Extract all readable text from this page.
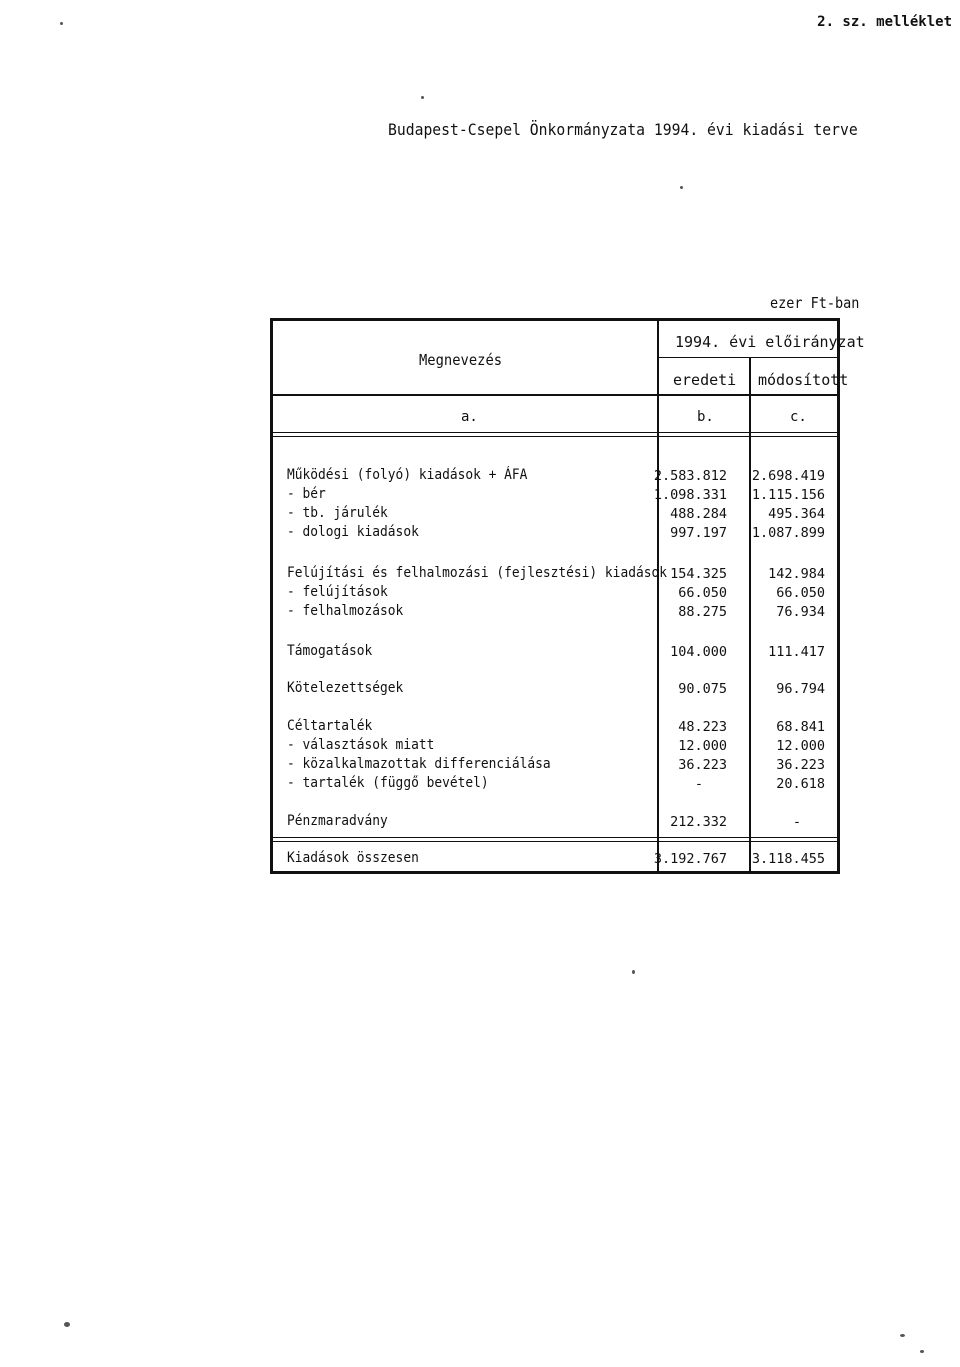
2. sz. melléklet
Budapest-Csepel Önkormányzata 1994. évi kiadási terve
ezer Ft-ban
Megnevezés
1994. évi előirányzat
eredeti módosított
a.	b.	c.
Működési (folyó) kiadások + ÁFA	2.583.812 2.698.419
- bér	1.098.331 1.115.156
- tb. járulék	488.284	495.364
- dologi kiadások	997.197 1.087.899
Felújítási és felhalmozási (fejlesztési) kiadások 154.325	142.984
- felújítások	66.050	66.050
- felhalmozások	88.275	76.934
Támogatások	104.000	111.417
Kötelezettségek	90.075	96.794
Céltartalék	48.223	68.841
- választások miatt	12.000	12.000
- közalkalmazottak differenciálása	36.223	36.223
- tartalék (függő bevétel)	-	20.618
Pénzmaradvány	212.332	-
Kiadások összesen	3.192.767 3.118.455
